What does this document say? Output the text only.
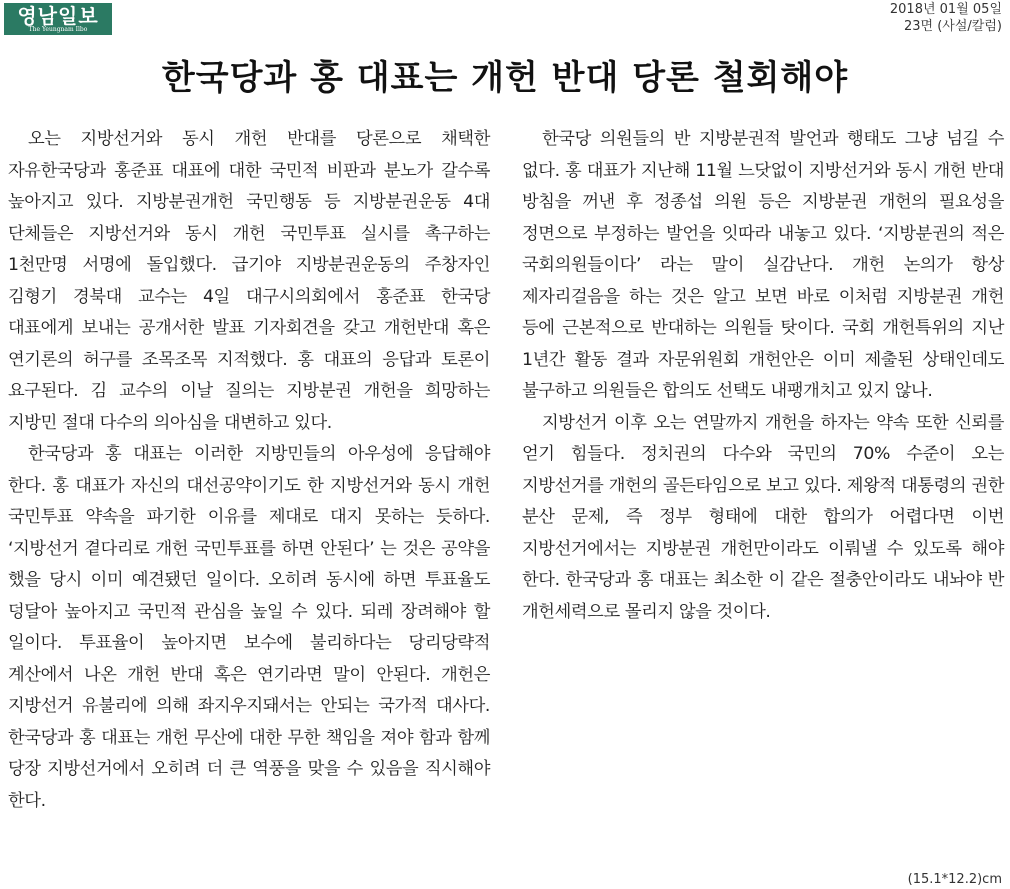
영남일보
The Yeungnam Ilbo
2018년 01월 05일
23면 (사설/칼럼)
한국당과 홍 대표는 개헌 반대 당론 철회해야

오는 지방선거와 동시 개헌 반대를 당론으로 채택한 자유한국당과 홍준표 대표에 대한 국민적 비판과 분노가 갈수록 높아지고 있다. 지방분권개헌 국민행동 등 지방분권운동 4대 단체들은 지방선거와 동시 개헌 국민투표 실시를 촉구하는 1천만명 서명에 돌입했다. 급기야 지방분권운동의 주창자인 김형기 경북대 교수는 4일 대구시의회에서 홍준표 한국당 대표에게 보내는 공개서한 발표 기자회견을 갖고 개헌반대 혹은 연기론의 허구를 조목조목 지적했다. 홍 대표의 응답과 토론이 요구된다. 김 교수의 이날 질의는 지방분권 개헌을 희망하는 지방민 절대 다수의 의아심을 대변하고 있다.

한국당과 홍 대표는 이러한 지방민들의 아우성에 응답해야 한다. 홍 대표가 자신의 대선공약이기도 한 지방선거와 동시 개헌 국민투표 약속을 파기한 이유를 제대로 대지 못하는 듯하다. ‘지방선거 곁다리로 개헌 국민투표를 하면 안된다’ 는 것은 공약을 했을 당시 이미 예견됐던 일이다. 오히려 동시에 하면 투표율도 덩달아 높아지고 국민적 관심을 높일 수 있다. 되레 장려해야 할 일이다. 투표율이 높아지면 보수에 불리하다는 당리당략적 계산에서 나온 개헌 반대 혹은 연기라면 말이 안된다. 개헌은 지방선거 유불리에 의해 좌지우지돼서는 안되는 국가적 대사다. 한국당과 홍 대표는 개헌 무산에 대한 무한 책임을 져야 함과 함께 당장 지방선거에서 오히려 더 큰 역풍을 맞을 수 있음을 직시해야 한다.

한국당 의원들의 반 지방분권적 발언과 행태도 그냥 넘길 수 없다. 홍 대표가 지난해 11월 느닷없이 지방선거와 동시 개헌 반대 방침을 꺼낸 후 정종섭 의원 등은 지방분권 개헌의 필요성을 정면으로 부정하는 발언을 잇따라 내놓고 있다. ‘지방분권의 적은 국회의원들이다’ 라는 말이 실감난다. 개헌 논의가 항상 제자리걸음을 하는 것은 알고 보면 바로 이처럼 지방분권 개헌 등에 근본적으로 반대하는 의원들 탓이다. 국회 개헌특위의 지난 1년간 활동 결과 자문위원회 개헌안은 이미 제출된 상태인데도 불구하고 의원들은 합의도 선택도 내팽개치고 있지 않나.

지방선거 이후 오는 연말까지 개헌을 하자는 약속 또한 신뢰를 얻기 힘들다. 정치권의 다수와 국민의 70% 수준이 오는 지방선거를 개헌의 골든타임으로 보고 있다. 제왕적 대통령의 권한 분산 문제, 즉 정부 형태에 대한 합의가 어렵다면 이번 지방선거에서는 지방분권 개헌만이라도 이뤄낼 수 있도록 해야 한다. 한국당과 홍 대표는 최소한 이 같은 절충안이라도 내놔야 반 개헌세력으로 몰리지 않을 것이다.

(15.1*12.2)cm
